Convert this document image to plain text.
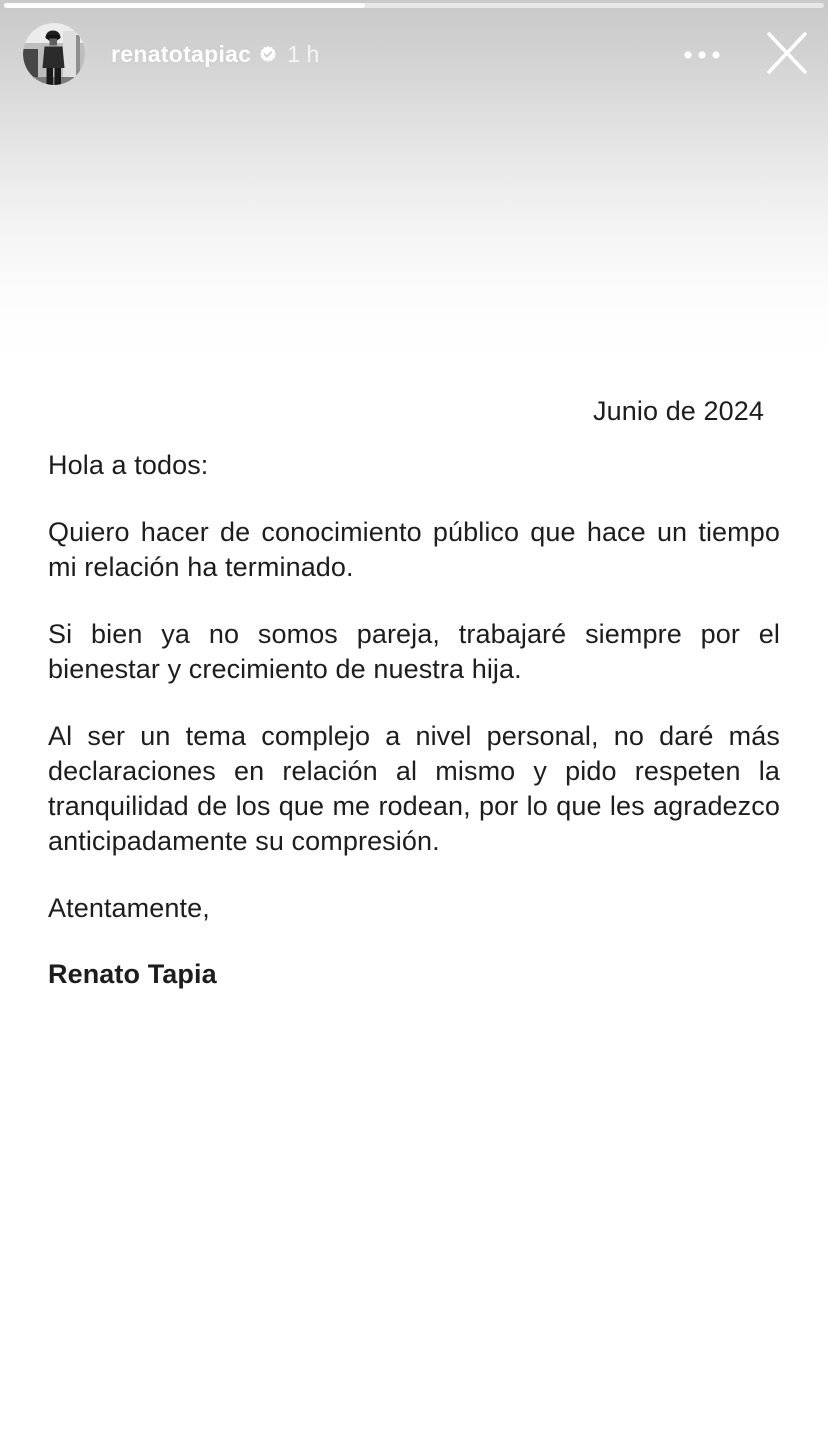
renatotapiac 1 h

Junio de 2024

Hola a todos:

Quiero hacer de conocimiento público que hace un tiempo mi relación ha terminado.

Si bien ya no somos pareja, trabajaré siempre por el bienestar y crecimiento de nuestra hija.

Al ser un tema complejo a nivel personal, no daré más declaraciones en relación al mismo y pido respeten la tranquilidad de los que me rodean, por lo que les agradezco anticipadamente su compresión.

Atentamente,

Renato Tapia
